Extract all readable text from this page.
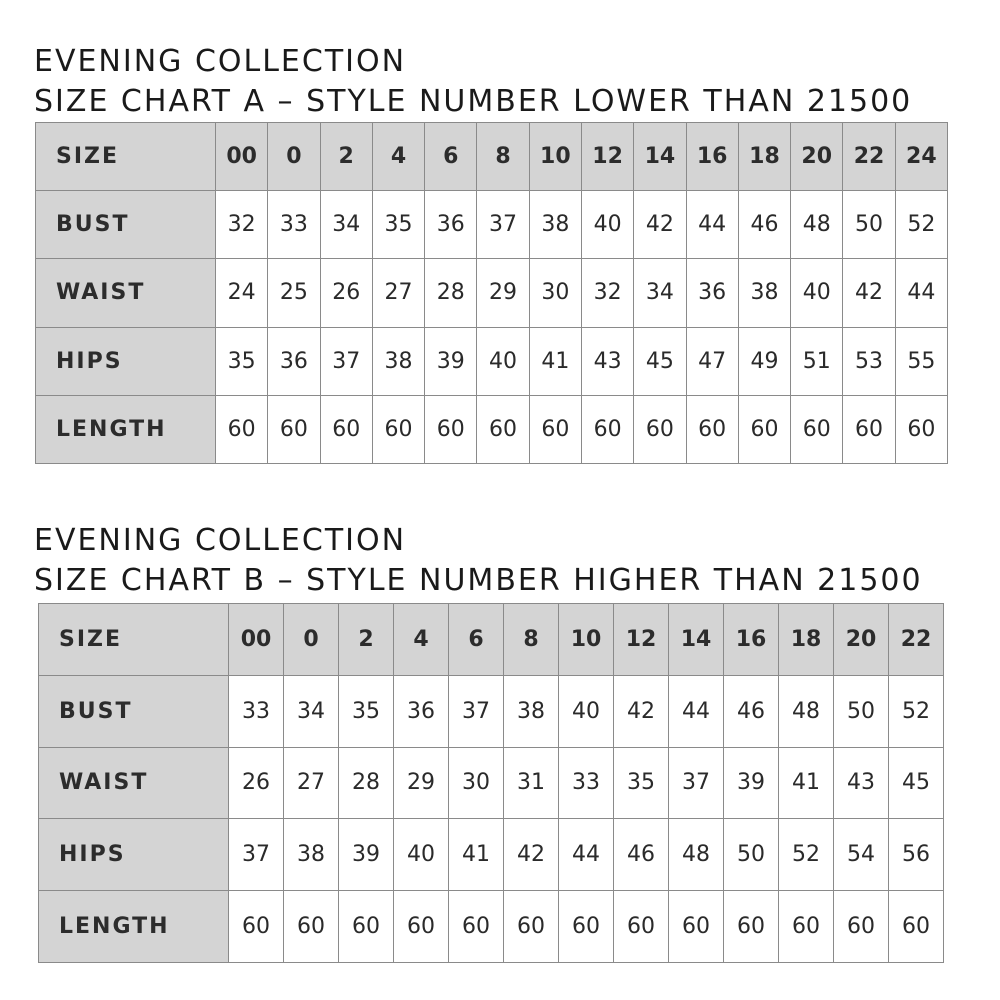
EVENING COLLECTION
SIZE CHART A – STYLE NUMBER LOWER THAN 21500
SIZE	00	0	2	4	6	8	10	12	14	16	18	20	22	24
BUST	32	33	34	35	36	37	38	40	42	44	46	48	50	52
WAIST	24	25	26	27	28	29	30	32	34	36	38	40	42	44
HIPS	35	36	37	38	39	40	41	43	45	47	49	51	53	55
LENGTH	60	60	60	60	60	60	60	60	60	60	60	60	60	60
EVENING COLLECTION
SIZE CHART B – STYLE NUMBER HIGHER THAN 21500
SIZE	00	0	2	4	6	8	10	12	14	16	18	20	22
BUST	33	34	35	36	37	38	40	42	44	46	48	50	52
WAIST	26	27	28	29	30	31	33	35	37	39	41	43	45
HIPS	37	38	39	40	41	42	44	46	48	50	52	54	56
LENGTH	60	60	60	60	60	60	60	60	60	60	60	60	60
